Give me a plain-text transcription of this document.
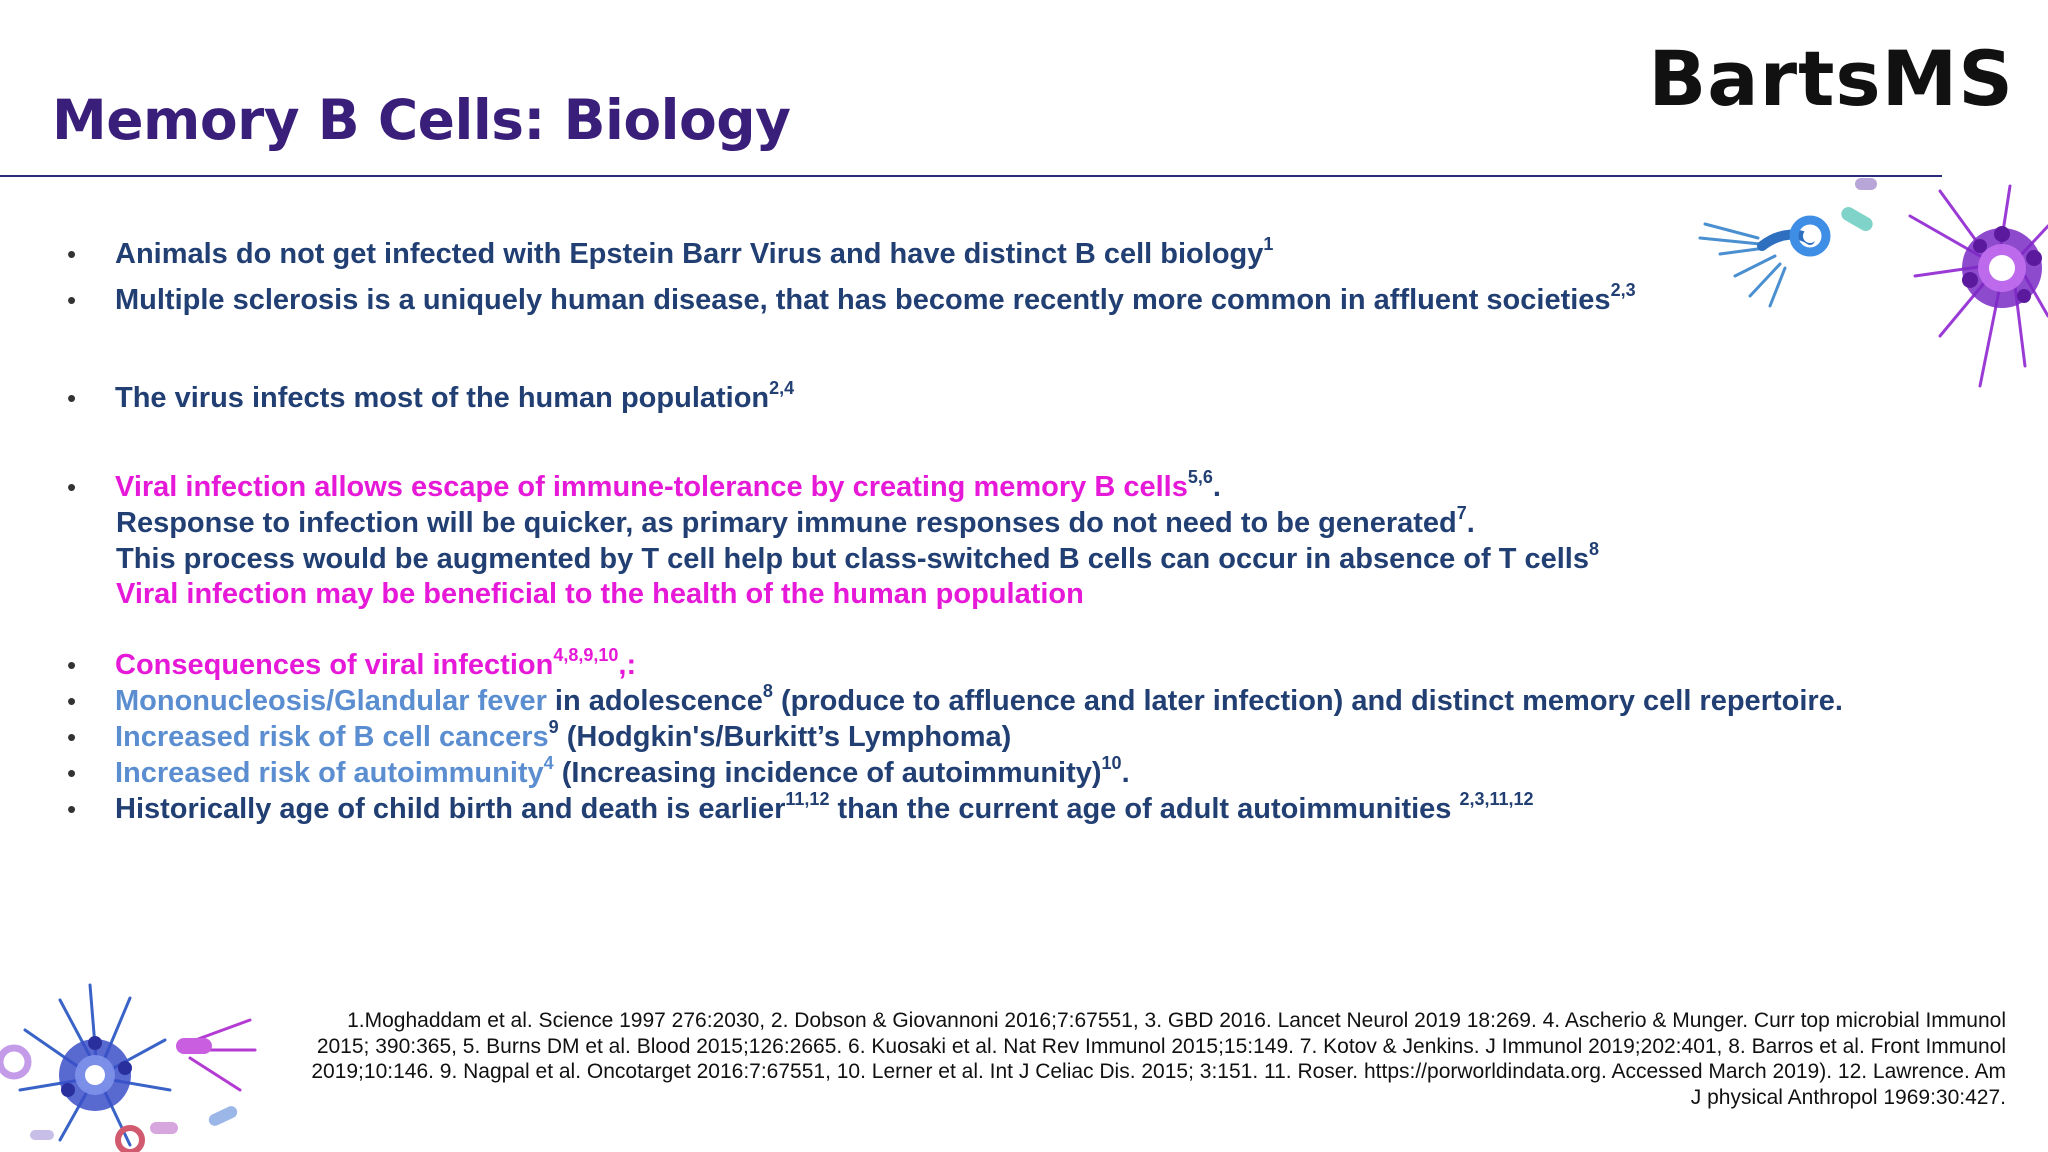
Memory B Cells: Biology	BartsMS
•	Animals do not get infected with Epstein Barr Virus and have distinct B cell biology$^1$
•	Multiple sclerosis is a uniquely human disease, that has become recently more common in affluent societies$^{2,3}$
•	The virus infects most of the human population$^{2,4}$
•	Viral infection allows escape of immune-tolerance by creating memory B cells$^{5,6}$.
Response to infection will be quicker, as primary immune responses do not need to be generated$^7$.
This process would be augmented by T cell help but class-switched B cells can occur in absence of T cells$^8$
Viral infection may be beneficial to the health of the human population
•	Consequences of viral infection$^{4,8,9,10}$,:
•	Mononucleosis/Glandular fever in adolescence$^8$ (produce to affluence and later infection) and distinct memory cell repertoire.
•	Increased risk of B cell cancers$^9$ (Hodgkin's/Burkitt’s Lymphoma)
•	Increased risk of autoimmunity$^4$ (Increasing incidence of autoimmunity)$^{10}$.
•	Historically age of child birth and death is earlier$^{11,12}$ than the current age of adult autoimmunities $^{2,3,11,12}$
1.Moghaddam et al. Science 1997 276:2030, 2. Dobson & Giovannoni 2016;7:67551, 3. GBD 2016. Lancet Neurol 2019 18:269. 4. Ascherio & Munger. Curr top microbial Immunol
2015; 390:365, 5. Burns DM et al. Blood 2015;126:2665. 6. Kuosaki et al. Nat Rev Immunol 2015;15:149. 7. Kotov & Jenkins. J Immunol 2019;202:401, 8. Barros et al. Front Immunol
2019;10:146. 9. Nagpal et al. Oncotarget 2016:7:67551, 10. Lerner et al. Int J Celiac Dis. 2015; 3:151. 11. Roser. https://porworldindata.org. Accessed March 2019). 12. Lawrence. Am
J physical Anthropol 1969:30:427.
